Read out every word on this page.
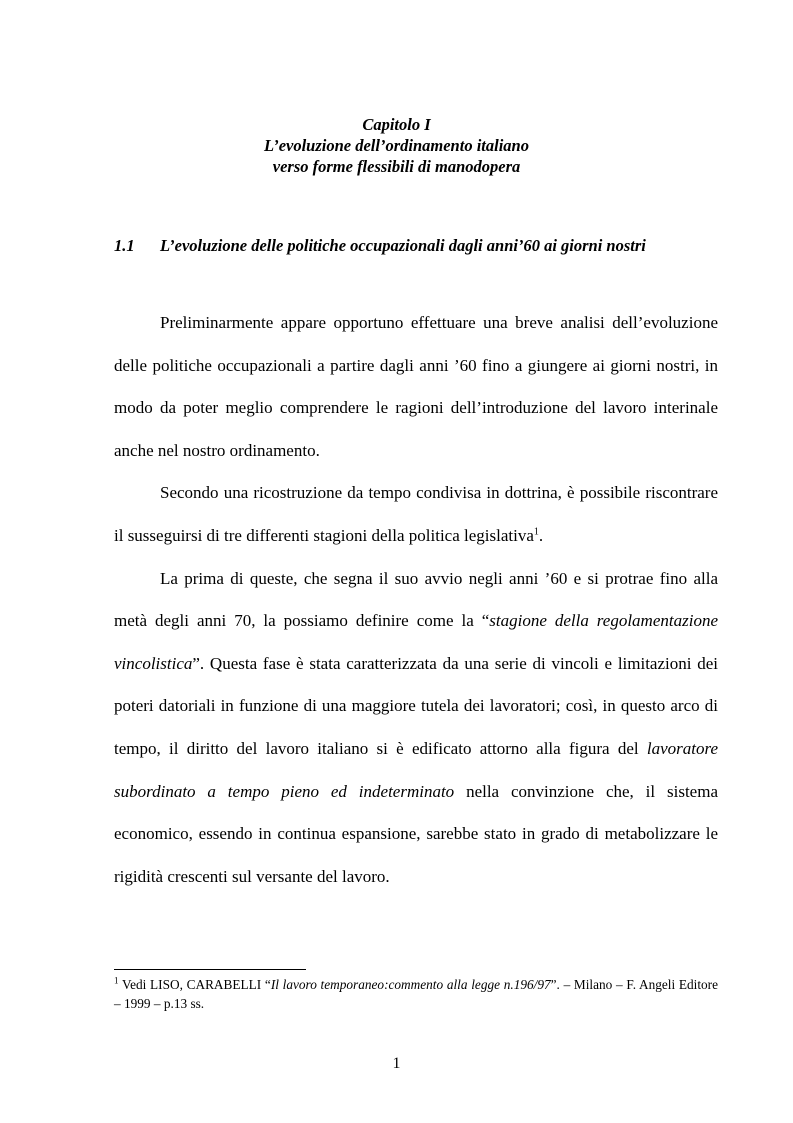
Capitolo I
L’evoluzione dell’ordinamento italiano
verso forme flessibili di manodopera
1.1 L’evoluzione delle politiche occupazionali dagli anni’60 ai giorni nostri

Preliminarmente appare opportuno effettuare una breve analisi dell’evoluzione delle politiche occupazionali a partire dagli anni ’60 fino a giungere ai giorni nostri, in modo da poter meglio comprendere le ragioni dell’introduzione del lavoro interinale anche nel nostro ordinamento.

Secondo una ricostruzione da tempo condivisa in dottrina, è possibile riscontrare il susseguirsi di tre differenti stagioni della politica legislativa$^1$.

La prima di queste, che segna il suo avvio negli anni ’60 e si protrae fino alla metà degli anni 70, la possiamo definire come la “stagione della regolamentazione vincolistica”. Questa fase è stata caratterizzata da una serie di vincoli e limitazioni dei poteri datoriali in funzione di una maggiore tutela dei lavoratori; così, in questo arco di tempo, il diritto del lavoro italiano si è edificato attorno alla figura del lavoratore subordinato a tempo pieno ed indeterminato nella convinzione che, il sistema economico, essendo in continua espansione, sarebbe stato in grado di metabolizzare le rigidità crescenti sul versante del lavoro.

$^1$ Vedi LISO, CARABELLI “Il lavoro temporaneo:commento alla legge n.196/97”. – Milano – F. Angeli Editore – 1999 – p.13 ss.
1
